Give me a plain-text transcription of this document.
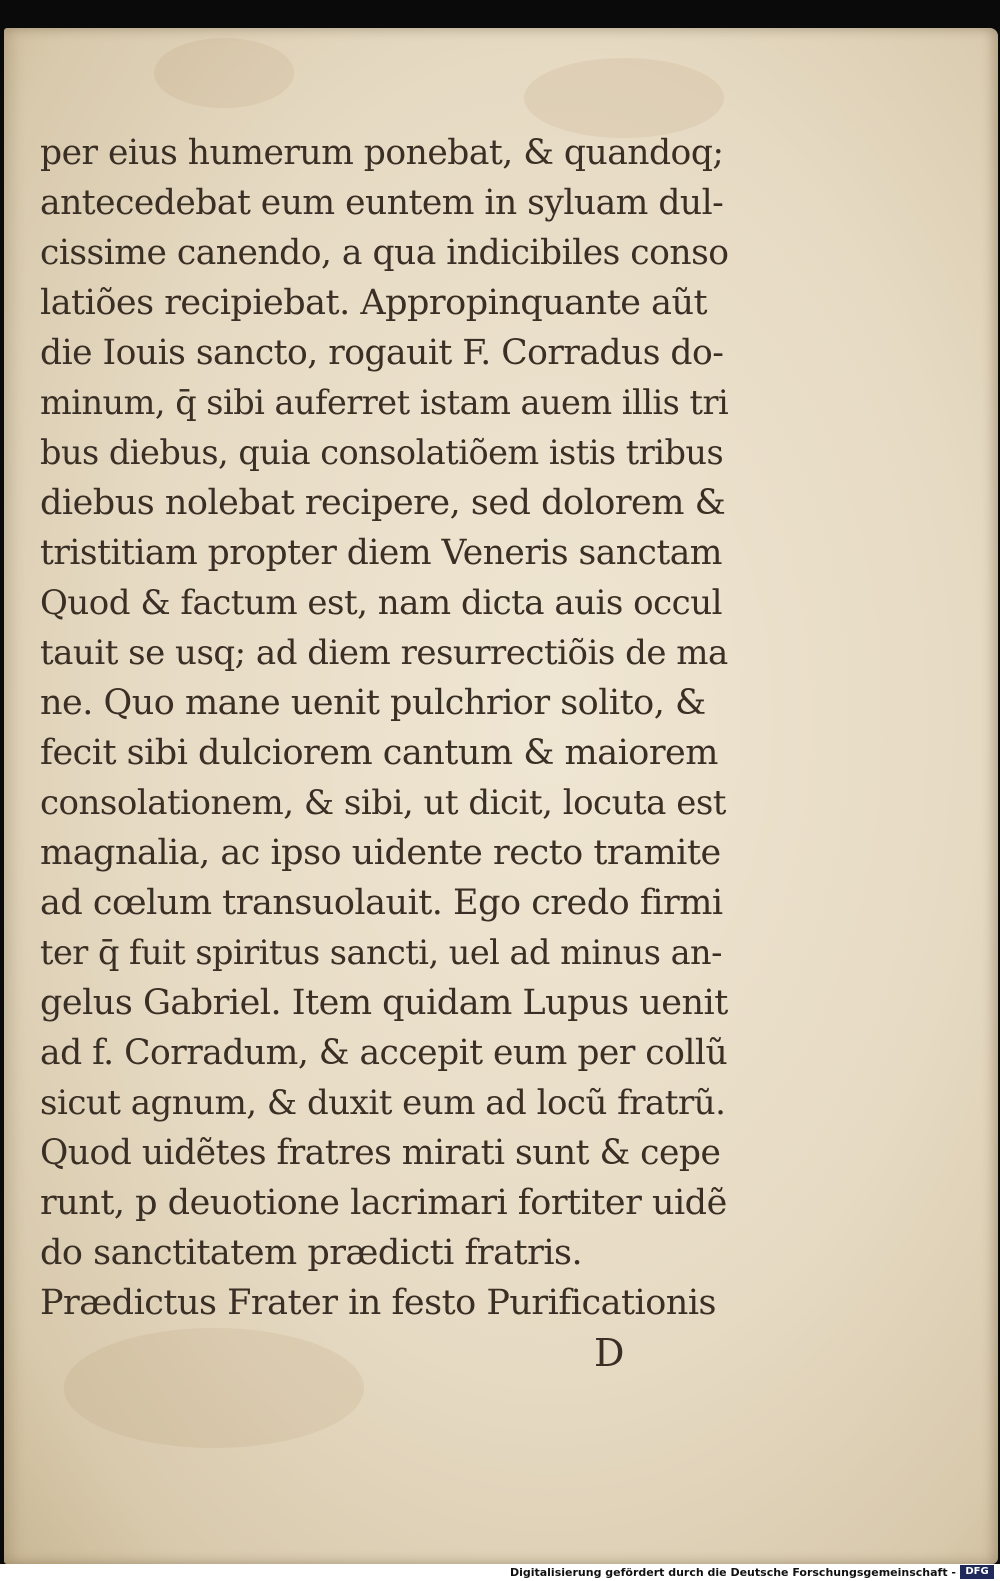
per eius humerum ponebat, & quandoq;
antecedebat eum euntem in syluam dul-
cissime canendo, a qua indicibiles conso
latiões recipiebat. Appropinquante aũt
die Iouis sancto, rogauit F. Corradus do-
minum, q̄ sibi auferret istam auem illis tri
bus diebus, quia consolatiõem istis tribus
diebus nolebat recipere, sed dolorem &
tristitiam propter diem Veneris sanctam
Quod & factum est, nam dicta auis occul
tauit se usq; ad diem resurrectiõis de ma
ne. Quo mane uenit pulchrior solito, &
fecit sibi dulciorem cantum & maiorem
consolationem, & sibi, ut dicit, locuta est
magnalia, ac ipso uidente recto tramite
ad cœlum transuolauit. Ego credo firmi
ter q̄ fuit spiritus sancti, uel ad minus an-
gelus Gabriel. Item quidam Lupus uenit
ad f. Corradum, & accepit eum per collũ
sicut agnum, & duxit eum ad locũ fratrũ.
Quod uidẽtes fratres mirati sunt & cepe
runt, p deuotione lacrimari fortiter uidẽ
do sanctitatem prædicti fratris.
Prædictus Frater in festo Purificationis
D
Digitalisierung gefördert durch die Deutsche Forschungsgemeinschaft - DFG
